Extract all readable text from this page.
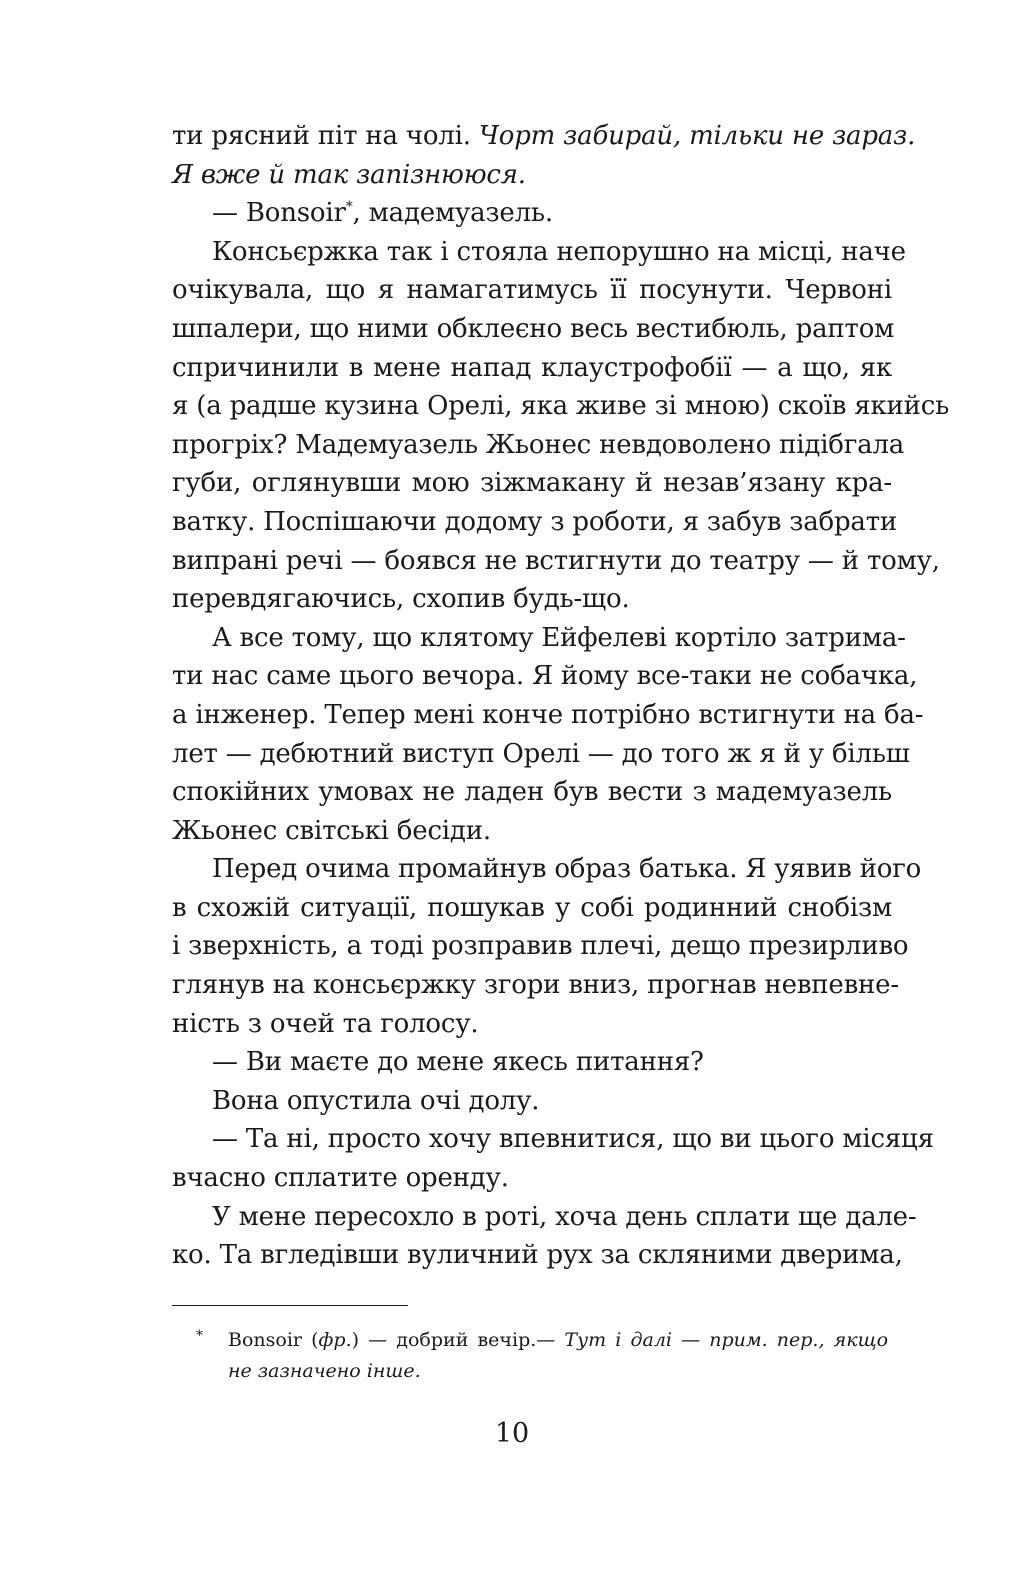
ти рясний піт на чолі. Чорт забирай, тільки не зараз.
Я вже й так запізнююся.
— Bonsoir*, мадемуазель.
Консьєржка так і стояла непорушно на місці, наче
очікувала, що я намагатимусь її посунути. Червоні
шпалери, що ними обклеєно весь вестибюль, раптом
спричинили в мене напад клаустрофобії — а що, як
я (а радше кузина Орелі, яка живе зі мною) скоїв якийсь
прогріх? Мадемуазель Жьонес невдоволено підібгала
губи, оглянувши мою зіжмакану й незав’язану кра-
ватку. Поспішаючи додому з роботи, я забув забрати
випрані речі — боявся не встигнути до театру — й тому,
перевдягаючись, схопив будь-що.
А все тому, що клятому Ейфелеві кортіло затрима-
ти нас саме цього вечора. Я йому все-таки не собачка,
а інженер. Тепер мені конче потрібно встигнути на ба-
лет — дебютний виступ Орелі — до того ж я й у більш
спокійних умовах не ладен був вести з мадемуазель
Жьонес світські бесіди.
Перед очима промайнув образ батька. Я уявив його
в схожій ситуації, пошукав у собі родинний снобізм
і зверхність, а тоді розправив плечі, дещо презирливо
глянув на консьєржку згори вниз, прогнав невпевне-
ність з очей та голосу.
— Ви маєте до мене якесь питання?
Вона опустила очі долу.
— Та ні, просто хочу впевнитися, що ви цього місяця
вчасно сплатите оренду.
У мене пересохло в роті, хоча день сплати ще дале-
ко. Та вгледівши вуличний рух за скляними дверима,
*	Bonsoir (фр.) — добрий вечір.— Тут і далі — прим. пер., якщо
не зазначено інше.
10
